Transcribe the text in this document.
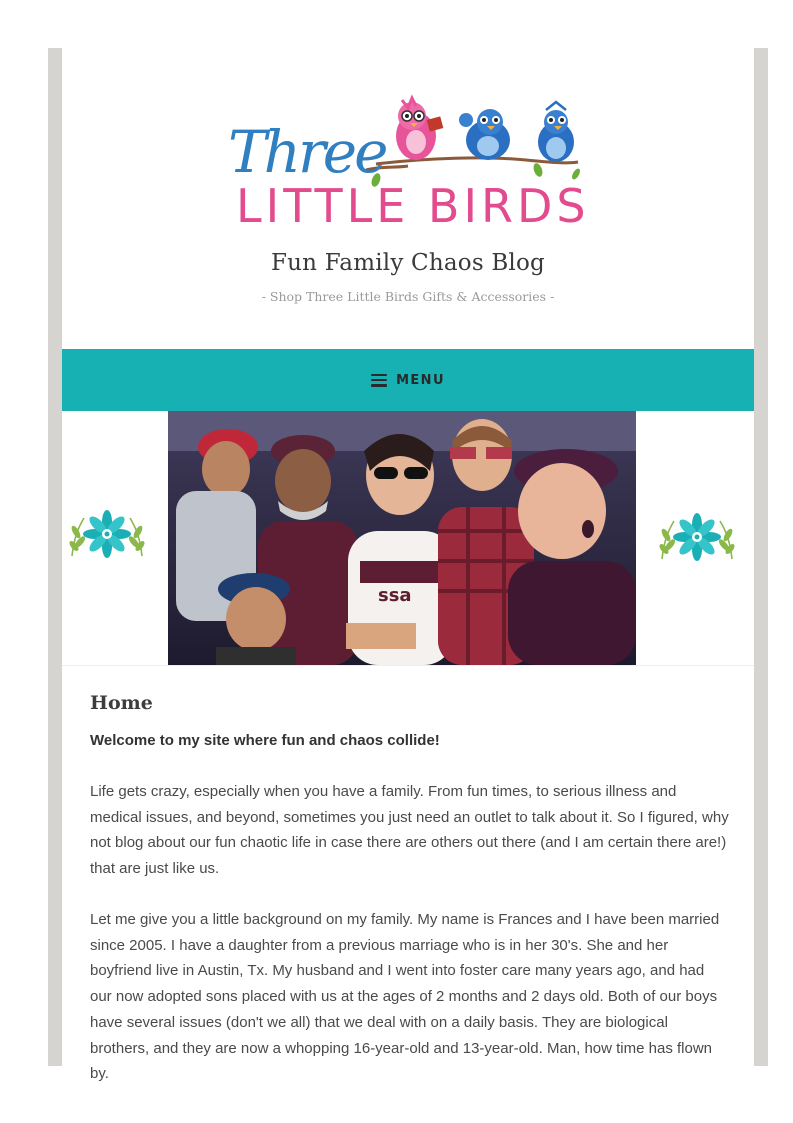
Three
LITTLE BIRDS
Fun Family Chaos Blog
- Shop Three Little Birds Gifts & Accessories -
MENU
ssa
Home

Welcome to my site where fun and chaos collide!

Life gets crazy, especially when you have a family. From fun times, to serious illness and medical issues, and beyond, sometimes you just need an outlet to talk about it. So I figured, why not blog about our fun chaotic life in case there are others out there (and I am certain there are!) that are just like us.

Let me give you a little background on my family. My name is Frances and I have been married since 2005. I have a daughter from a previous marriage who is in her 30's. She and her boyfriend live in Austin, Tx. My husband and I went into foster care many years ago, and had our now adopted sons placed with us at the ages of 2 months and 2 days old. Both of our boys have several issues (don't we all) that we deal with on a daily basis. They are biological brothers, and they are now a whopping 16-year-old and 13-year-old. Man, how time has flown by.
